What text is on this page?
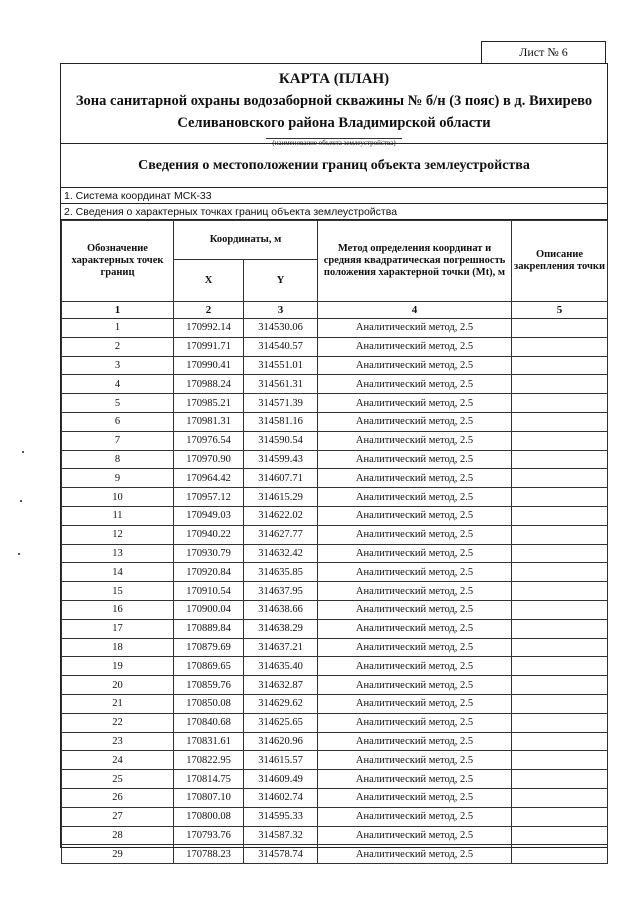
Лист № 6
КАРТА (ПЛАН)
Зона санитарной охраны водозаборной скважины № б/н (3 пояс) в д. Вихирево
Селивановского района Владимирской области
(наименование объекта землеустройства)
Сведения о местоположении границ объекта землеустройства
1. Система координат МСК-33
2. Сведения о характерных точках границ объекта землеустройства
Обозначение характерных точек границ	Координаты, м		Метод определения координат и средняя квадратическая погрешность положения характерной точки (Mt), м	Описание закрепления точки
	X	Y		
1	2	3	4	5
1	170992.14	314530.06	Аналитический метод, 2.5	
2	170991.71	314540.57	Аналитический метод, 2.5	
3	170990.41	314551.01	Аналитический метод, 2.5	
4	170988.24	314561.31	Аналитический метод, 2.5	
5	170985.21	314571.39	Аналитический метод, 2.5	
6	170981.31	314581.16	Аналитический метод, 2.5	
7	170976.54	314590.54	Аналитический метод, 2.5	
8	170970.90	314599.43	Аналитический метод, 2.5	
9	170964.42	314607.71	Аналитический метод, 2.5	
10	170957.12	314615.29	Аналитический метод, 2.5	
11	170949.03	314622.02	Аналитический метод, 2.5	
12	170940.22	314627.77	Аналитический метод, 2.5	
13	170930.79	314632.42	Аналитический метод, 2.5	
14	170920.84	314635.85	Аналитический метод, 2.5	
15	170910.54	314637.95	Аналитический метод, 2.5	
16	170900.04	314638.66	Аналитический метод, 2.5	
17	170889.84	314638.29	Аналитический метод, 2.5	
18	170879.69	314637.21	Аналитический метод, 2.5	
19	170869.65	314635.40	Аналитический метод, 2.5	
20	170859.76	314632.87	Аналитический метод, 2.5	
21	170850.08	314629.62	Аналитический метод, 2.5	
22	170840.68	314625.65	Аналитический метод, 2.5	
23	170831.61	314620.96	Аналитический метод, 2.5	
24	170822.95	314615.57	Аналитический метод, 2.5	
25	170814.75	314609.49	Аналитический метод, 2.5	
26	170807.10	314602.74	Аналитический метод, 2.5	
27	170800.08	314595.33	Аналитический метод, 2.5	
28	170793.76	314587.32	Аналитический метод, 2.5	
29	170788.23	314578.74	Аналитический метод, 2.5	
